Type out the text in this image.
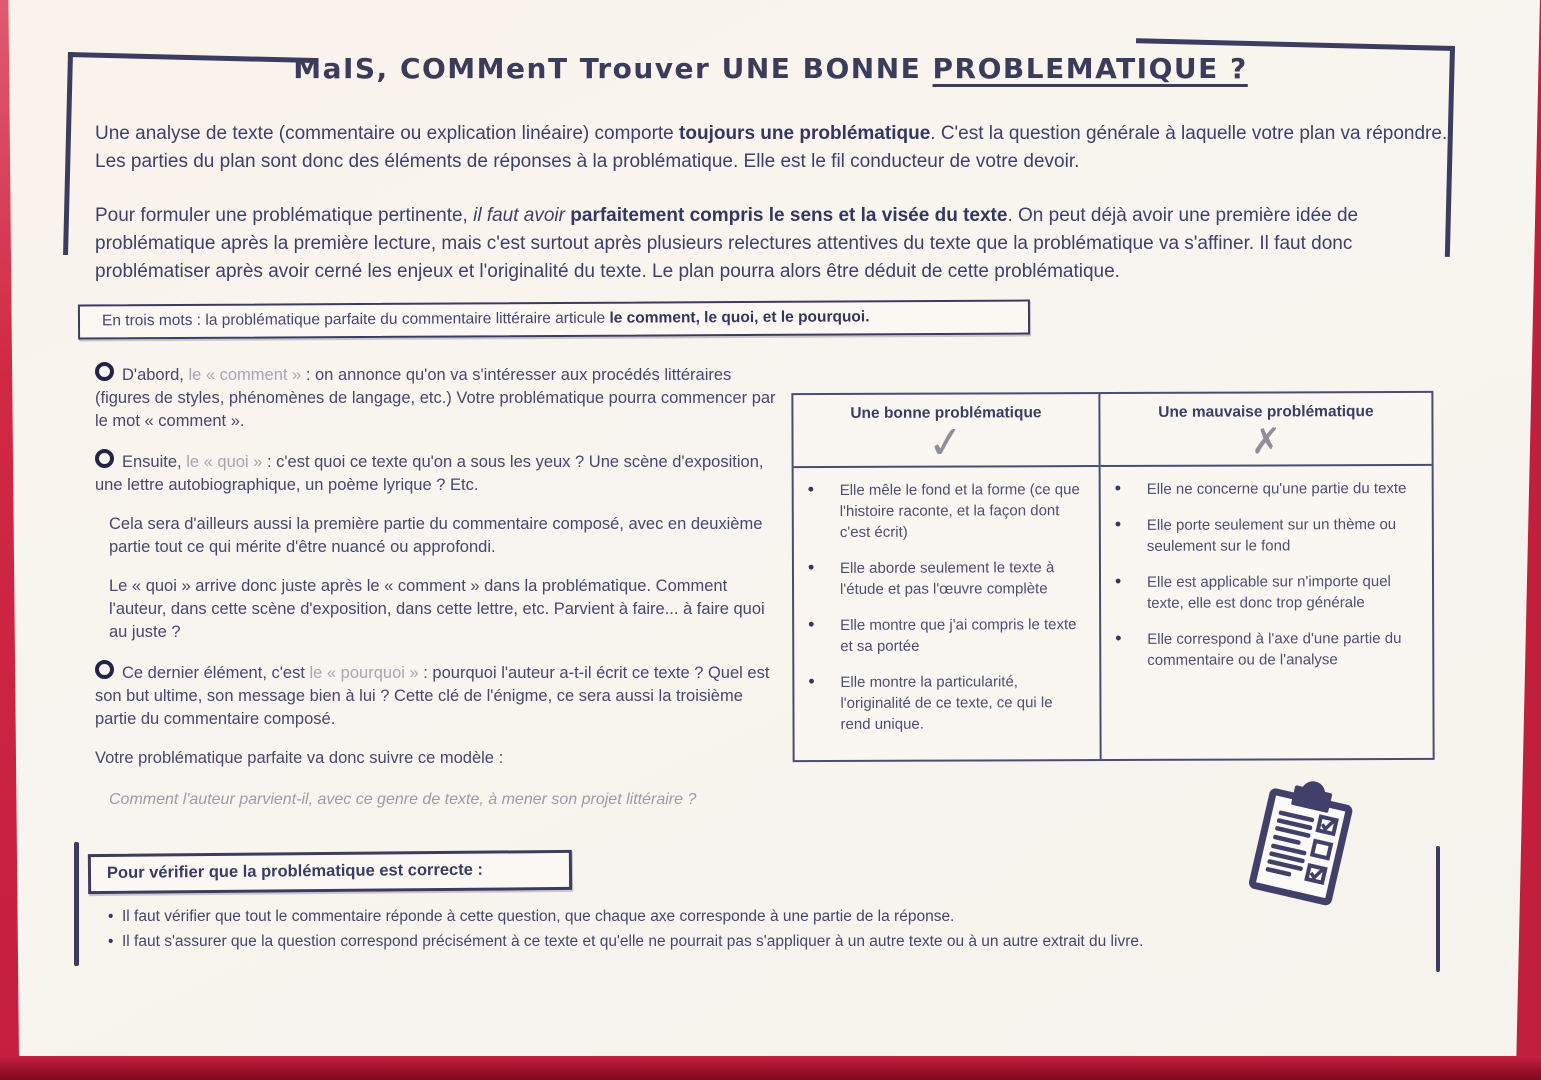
MaIS, COMMenT Trouver UNE BONNE PROBLEMATIQUE ?

Une analyse de texte (commentaire ou explication linéaire) comporte toujours une problématique. C'est la question générale à laquelle votre plan va répondre. Les parties du plan sont donc des éléments de réponses à la problématique. Elle est le fil conducteur de votre devoir.

Pour formuler une problématique pertinente, il faut avoir parfaitement compris le sens et la visée du texte. On peut déjà avoir une première idée de problématique après la première lecture, mais c'est surtout après plusieurs relectures attentives du texte que la problématique va s'affiner. Il faut donc problématiser après avoir cerné les enjeux et l'originalité du texte. Le plan pourra alors être déduit de cette problématique.

En trois mots : la problématique parfaite du commentaire littéraire articule le comment, le quoi, et le pourquoi.

D'abord, le « comment » : on annonce qu'on va s'intéresser aux procédés littéraires (figures de styles, phénomènes de langage, etc.) Votre problématique pourra commencer par le mot « comment ».

Ensuite, le « quoi » : c'est quoi ce texte qu'on a sous les yeux ? Une scène d'exposition, une lettre autobiographique, un poème lyrique ? Etc.

Cela sera d'ailleurs aussi la première partie du commentaire composé, avec en deuxième partie tout ce qui mérite d'être nuancé ou approfondi.

Le « quoi » arrive donc juste après le « comment » dans la problématique. Comment l'auteur, dans cette scène d'exposition, dans cette lettre, etc. Parvient à faire... à faire quoi au juste ?

Ce dernier élément, c'est le « pourquoi » : pourquoi l'auteur a-t-il écrit ce texte ? Quel est son but ultime, son message bien à lui ? Cette clé de l'énigme, ce sera aussi la troisième partie du commentaire composé.

Votre problématique parfaite va donc suivre ce modèle :

Comment l'auteur parvient-il, avec ce genre de texte, à mener son projet littéraire ?

Une bonne problématique
✓
• Elle mêle le fond et la forme (ce que l'histoire raconte, et la façon dont c'est écrit)
• Elle aborde seulement le texte à l'étude et pas l'œuvre complète
• Elle montre que j'ai compris le texte et sa portée
• Elle montre la particularité, l'originalité de ce texte, ce qui le rend unique.
Une mauvaise problématique
✗
• Elle ne concerne qu'une partie du texte
• Elle porte seulement sur un thème ou seulement sur le fond
• Elle est applicable sur n'importe quel texte, elle est donc trop générale
• Elle correspond à l'axe d'une partie du commentaire ou de l'analyse
Pour vérifier que la problématique est correcte :
• Il faut vérifier que tout le commentaire réponde à cette question, que chaque axe corresponde à une partie de la réponse.
• Il faut s'assurer que la question correspond précisément à ce texte et qu'elle ne pourrait pas s'appliquer à un autre texte ou à un autre extrait du livre.
